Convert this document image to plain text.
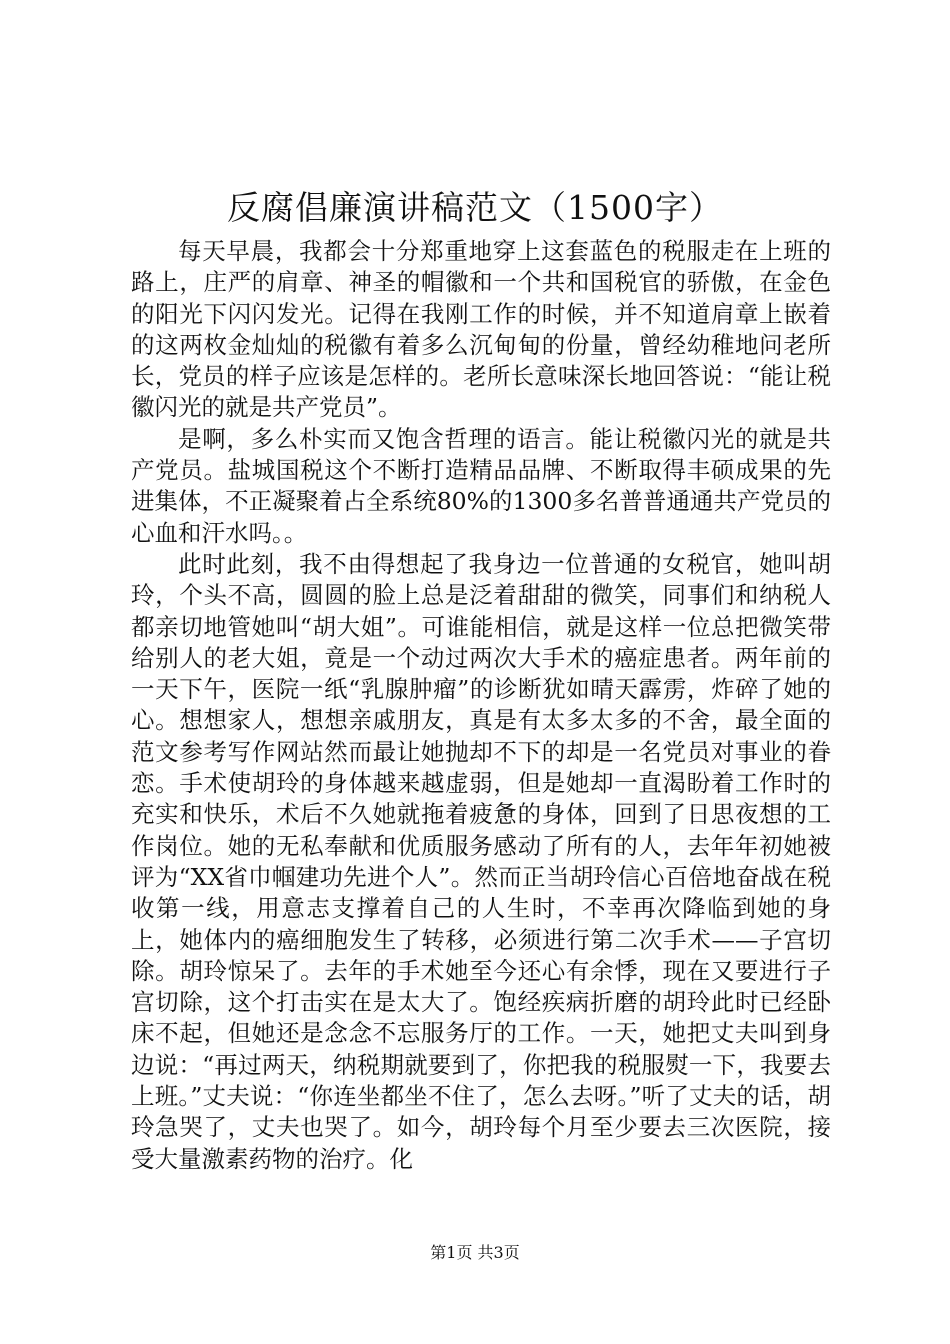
反腐倡廉演讲稿范文（1500字）

每天早晨，我都会十分郑重地穿上这套蓝色的税服走在上班的路上，庄严的肩章、神圣的帽徽和一个共和国税官的骄傲，在金色的阳光下闪闪发光。记得在我刚工作的时候，并不知道肩章上嵌着的这两枚金灿灿的税徽有着多么沉甸甸的份量，曾经幼稚地问老所长，党员的样子应该是怎样的。老所长意味深长地回答说：“能让税徽闪光的就是共产党员”。

是啊，多么朴实而又饱含哲理的语言。能让税徽闪光的就是共产党员。盐城国税这个不断打造精品品牌、不断取得丰硕成果的先进集体，不正凝聚着占全系统80%的1300多名普普通通共产党员的心血和汗水吗。。

此时此刻，我不由得想起了我身边一位普通的女税官，她叫胡玲，个头不高，圆圆的脸上总是泛着甜甜的微笑，同事们和纳税人都亲切地管她叫“胡大姐”。可谁能相信，就是这样一位总把微笑带给别人的老大姐，竟是一个动过两次大手术的癌症患者。两年前的一天下午，医院一纸“乳腺肿瘤”的诊断犹如晴天霹雳，炸碎了她的心。想想家人，想想亲戚朋友，真是有太多太多的不舍，最全面的范文参考写作网站然而最让她抛却不下的却是一名党员对事业的眷恋。手术使胡玲的身体越来越虚弱，但是她却一直渴盼着工作时的充实和快乐，术后不久她就拖着疲惫的身体，回到了日思夜想的工作岗位。她的无私奉献和优质服务感动了所有的人，去年年初她被评为“XX省巾帼建功先进个人”。然而正当胡玲信心百倍地奋战在税收第一线，用意志支撑着自己的人生时，不幸再次降临到她的身上，她体内的癌细胞发生了转移，必须进行第二次手术——子宫切除。胡玲惊呆了。去年的手术她至今还心有余悸，现在又要进行子宫切除，这个打击实在是太大了。饱经疾病折磨的胡玲此时已经卧床不起，但她还是念念不忘服务厅的工作。一天，她把丈夫叫到身边说：“再过两天，纳税期就要到了，你把我的税服熨一下，我要去上班。”丈夫说：“你连坐都坐不住了，怎么去呀。”听了丈夫的话，胡玲急哭了，丈夫也哭了。如今，胡玲每个月至少要去三次医院，接受大量激素药物的治疗。化

第1页 共3页
